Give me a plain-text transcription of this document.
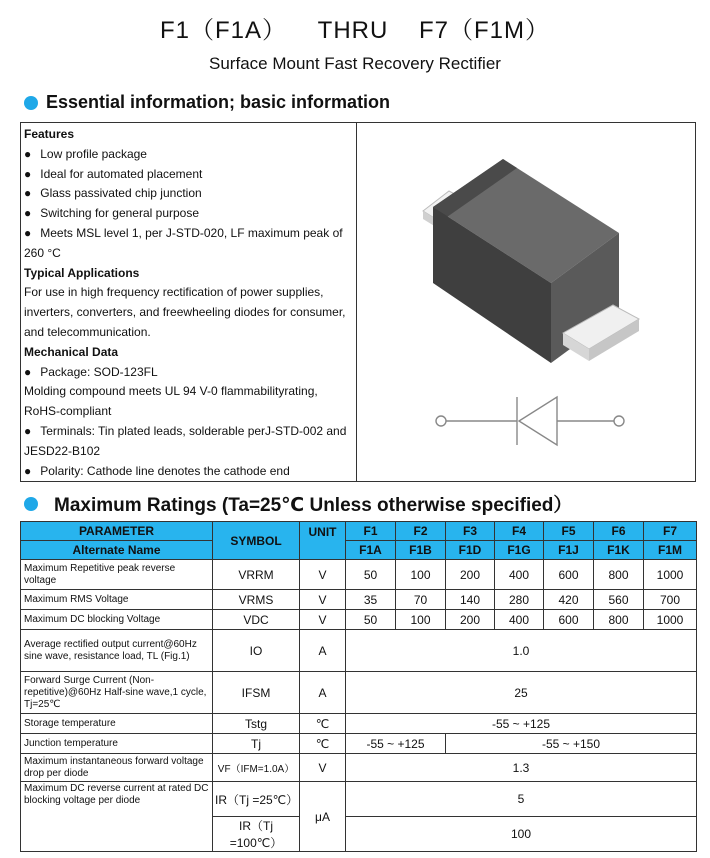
F1（F1A）    THRU    F7（F1M）
Surface Mount Fast Recovery Rectifier
Essential information; basic information
Features
● Low profile package
● Ideal for automated placement
● Glass passivated chip junction
● Switching for general purpose
● Meets MSL level 1, per J-STD-020, LF maximum peak of 260 °C
Typical Applications
For use in high frequency rectification of power supplies, inverters, converters, and freewheeling diodes for consumer, and telecommunication.
Mechanical Data
● Package: SOD-123FL
Molding compound meets UL 94 V-0 flammabilityrating, RoHS-compliant
● Terminals: Tin plated leads, solderable perJ-STD-002 and JESD22-B102
● Polarity: Cathode line denotes the cathode end
Maximum Ratings (Ta=25℃ Unless otherwise specified）
PARAMETER	SYMBOL	UNIT	F1	F2	F3	F4	F5	F6	F7
Alternate Name			F1A	F1B	F1D	F1G	F1J	F1K	F1M
Maximum Repetitive peak reverse voltage	VRRM	V	50	100	200	400	600	800	1000
Maximum RMS Voltage	VRMS	V	35	70	140	280	420	560	700
Maximum DC blocking Voltage	VDC	V	50	100	200	400	600	800	1000
Average rectified output current@60Hz sine wave, resistance load, TL (Fig.1)	IO	A	1.0						
Forward Surge Current (Non-repetitive)@60Hz Half-sine wave,1 cycle, Tj=25℃	IFSM	A	25						
Storage temperature	Tstg	℃	-55 ~ +125						
Junction temperature	Tj	℃	-55 ~ +125		-55 ~ +150				
Maximum instantaneous forward voltage drop per diode	VF（IFM=1.0A）	V	1.3						
Maximum DC reverse current at rated DC blocking voltage per diode	IR（Tj =25℃）	μA	5						
	IR（Tj =100℃）		100						
